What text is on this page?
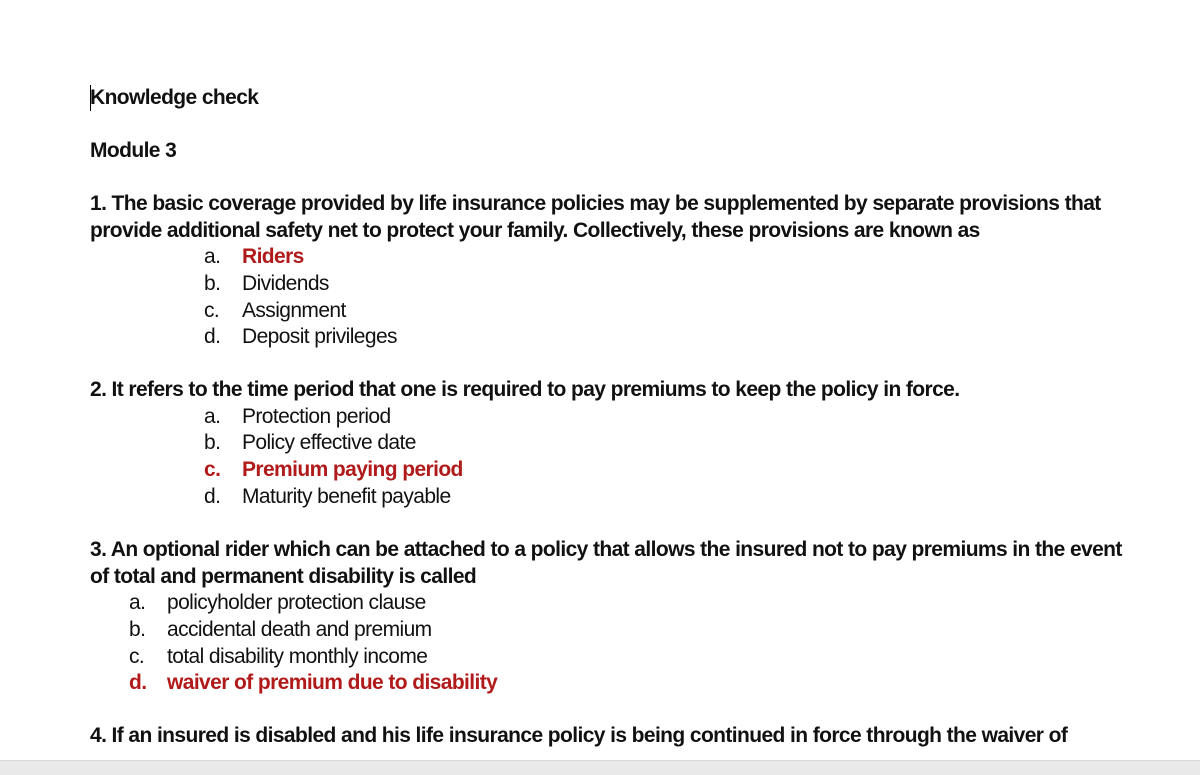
Knowledge check
Module 3
1. The basic coverage provided by life insurance policies may be supplemented by separate provisions that
provide additional safety net to protect your family. Collectively, these provisions are known as
a. Riders
b. Dividends
c. Assignment
d. Deposit privileges
2. It refers to the time period that one is required to pay premiums to keep the policy in force.
a. Protection period
b. Policy effective date
c. Premium paying period
d. Maturity benefit payable
3. An optional rider which can be attached to a policy that allows the insured not to pay premiums in the event
of total and permanent disability is called
a. policyholder protection clause
b. accidental death and premium
c. total disability monthly income
d. waiver of premium due to disability
4. If an insured is disabled and his life insurance policy is being continued in force through the waiver of
